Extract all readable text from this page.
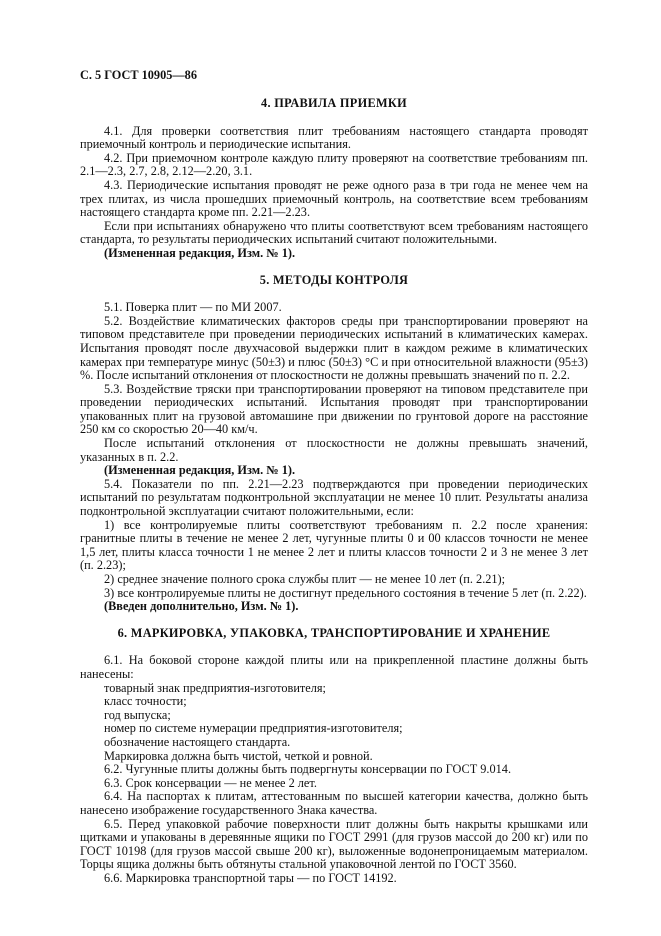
С. 5 ГОСТ 10905—86
4. ПРАВИЛА ПРИЕМКИ

4.1. Для проверки соответствия плит требованиям настоящего стандарта проводят приемочный контроль и периодические испытания.

4.2. При приемочном контроле каждую плиту проверяют на соответствие требованиям пп. 2.1—2.3, 2.7, 2.8, 2.12—2.20, 3.1.

4.3. Периодические испытания проводят не реже одного раза в три года не менее чем на трех плитах, из числа прошедших приемочный контроль, на соответствие всем требованиям настоящего стандарта кроме пп. 2.21—2.23.

Если при испытаниях обнаружено что плиты соответствуют всем требованиям настоящего стандарта, то результаты периодических испытаний считают положительными.

(Измененная редакция, Изм. № 1).

5. МЕТОДЫ КОНТРОЛЯ

5.1. Поверка плит — по МИ 2007.

5.2. Воздействие климатических факторов среды при транспортировании проверяют на типовом представителе при проведении периодических испытаний в климатических камерах. Испытания проводят после двухчасовой выдержки плит в каждом режиме в климатических камерах при температуре минус (50±3) и плюс (50±3) °С и при относительной влажности (95±3) %. После испытаний отклонения от плоскостности не должны превышать значений по п. 2.2.

5.3. Воздействие тряски при транспортировании проверяют на типовом представителе при проведении периодических испытаний. Испытания проводят при транспортировании упакованных плит на грузовой автомашине при движении по грунтовой дороге на расстояние 250 км со скоростью 20—40 км/ч.

После испытаний отклонения от плоскостности не должны превышать значений, указанных в п. 2.2.

(Измененная редакция, Изм. № 1).

5.4. Показатели по пп. 2.21—2.23 подтверждаются при проведении периодических испытаний по результатам подконтрольной эксплуатации не менее 10 плит. Результаты анализа подконтрольной эксплуатации считают положительными, если:

1) все контролируемые плиты соответствуют требованиям п. 2.2 после хранения: гранитные плиты в течение не менее 2 лет, чугунные плиты 0 и 00 классов точности не менее 1,5 лет, плиты класса точности 1 не менее 2 лет и плиты классов точности 2 и 3 не менее 3 лет (п. 2.23);

2) среднее значение полного срока службы плит — не менее 10 лет (п. 2.21);

3) все контролируемые плиты не достигнут предельного состояния в течение 5 лет (п. 2.22).

(Введен дополнительно, Изм. № 1).

6. МАРКИРОВКА, УПАКОВКА, ТРАНСПОРТИРОВАНИЕ И ХРАНЕНИЕ

6.1. На боковой стороне каждой плиты или на прикрепленной пластине должны быть нанесены:

товарный знак предприятия-изготовителя;

класс точности;

год выпуска;

номер по системе нумерации предприятия-изготовителя;

обозначение настоящего стандарта.

Маркировка должна быть чистой, четкой и ровной.

6.2. Чугунные плиты должны быть подвергнуты консервации по ГОСТ 9.014.

6.3. Срок консервации — не менее 2 лет.

6.4. На паспортах к плитам, аттестованным по высшей категории качества, должно быть нанесено изображение государственного Знака качества.

6.5. Перед упаковкой рабочие поверхности плит должны быть накрыты крышками или щитками и упакованы в деревянные ящики по ГОСТ 2991 (для грузов массой до 200 кг) или по ГОСТ 10198 (для грузов массой свыше 200 кг), выложенные водонепроницаемым материалом. Торцы ящика должны быть обтянуты стальной упаковочной лентой по ГОСТ 3560.

6.6. Маркировка транспортной тары — по ГОСТ 14192.
